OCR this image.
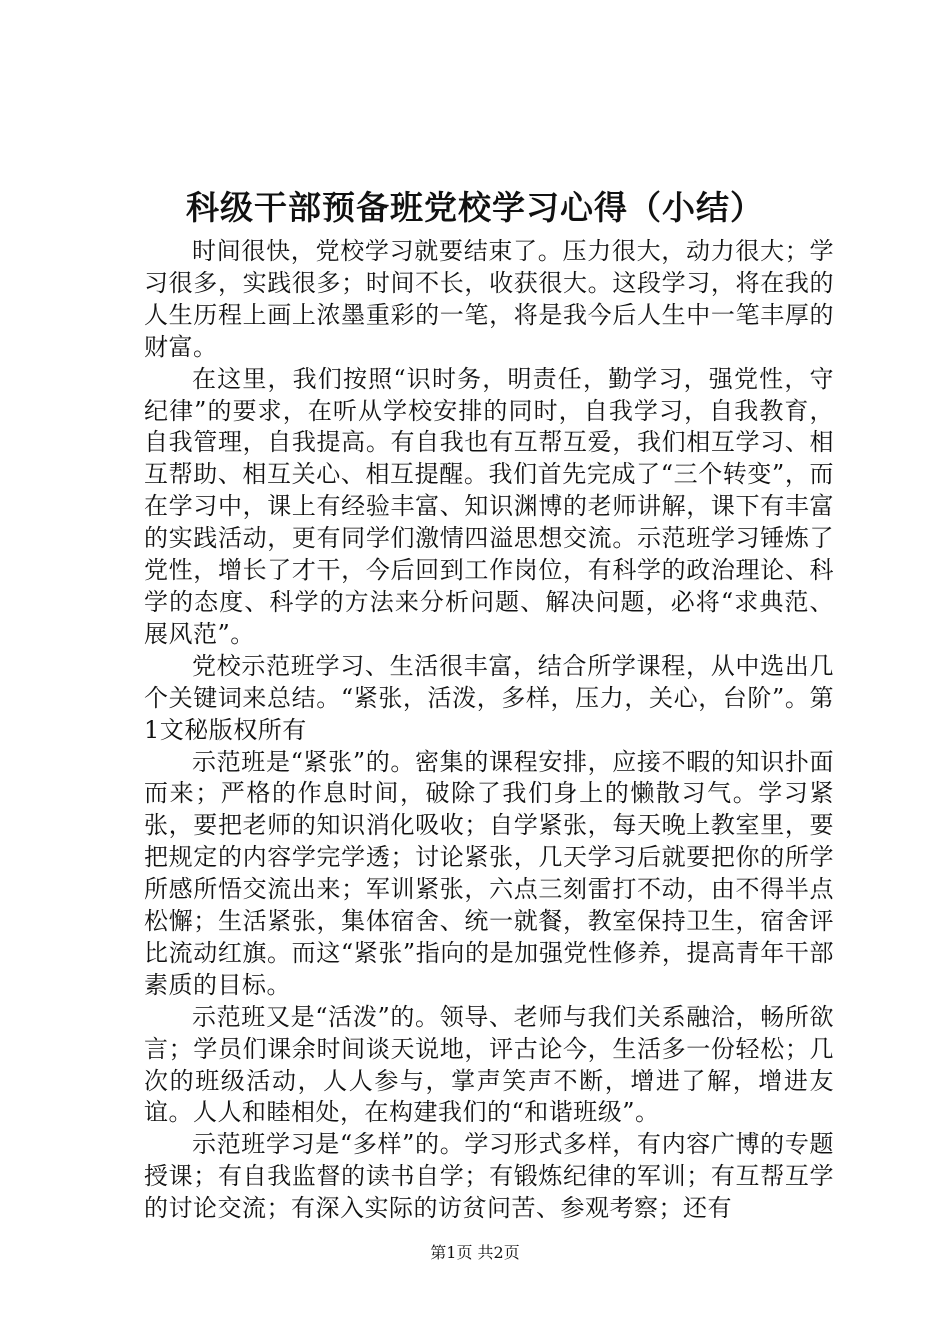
科级干部预备班党校学习心得（小结）

时间很快，党校学习就要结束了。压力很大，动力很大；学习很多，实践很多；时间不长，收获很大。这段学习，将在我的人生历程上画上浓墨重彩的一笔，将是我今后人生中一笔丰厚的财富。

在这里，我们按照“识时务，明责任，勤学习，强党性，守纪律”的要求，在听从学校安排的同时，自我学习，自我教育，自我管理，自我提高。有自我也有互帮互爱，我们相互学习、相互帮助、相互关心、相互提醒。我们首先完成了“三个转变”，而在学习中，课上有经验丰富、知识渊博的老师讲解，课下有丰富的实践活动，更有同学们激情四溢思想交流。示范班学习锤炼了党性，增长了才干，今后回到工作岗位，有科学的政治理论、科学的态度、科学的方法来分析问题、解决问题，必将“求典范、展风范”。

党校示范班学习、生活很丰富，结合所学课程，从中选出几个关键词来总结。“紧张，活泼，多样，压力，关心，台阶”。第1文秘版权所有

示范班是“紧张”的。密集的课程安排，应接不暇的知识扑面而来；严格的作息时间，破除了我们身上的懒散习气。学习紧张，要把老师的知识消化吸收；自学紧张，每天晚上教室里，要把规定的内容学完学透；讨论紧张，几天学习后就要把你的所学所感所悟交流出来；军训紧张，六点三刻雷打不动，由不得半点松懈；生活紧张，集体宿舍、统一就餐，教室保持卫生，宿舍评比流动红旗。而这“紧张”指向的是加强党性修养，提高青年干部素质的目标。

示范班又是“活泼”的。领导、老师与我们关系融洽，畅所欲言；学员们课余时间谈天说地，评古论今，生活多一份轻松；几次的班级活动，人人参与，掌声笑声不断，增进了解，增进友谊。人人和睦相处，在构建我们的“和谐班级”。

示范班学习是“多样”的。学习形式多样，有内容广博的专题授课；有自我监督的读书自学；有锻炼纪律的军训；有互帮互学的讨论交流；有深入实际的访贫问苦、参观考察；还有

第1页 共2页
